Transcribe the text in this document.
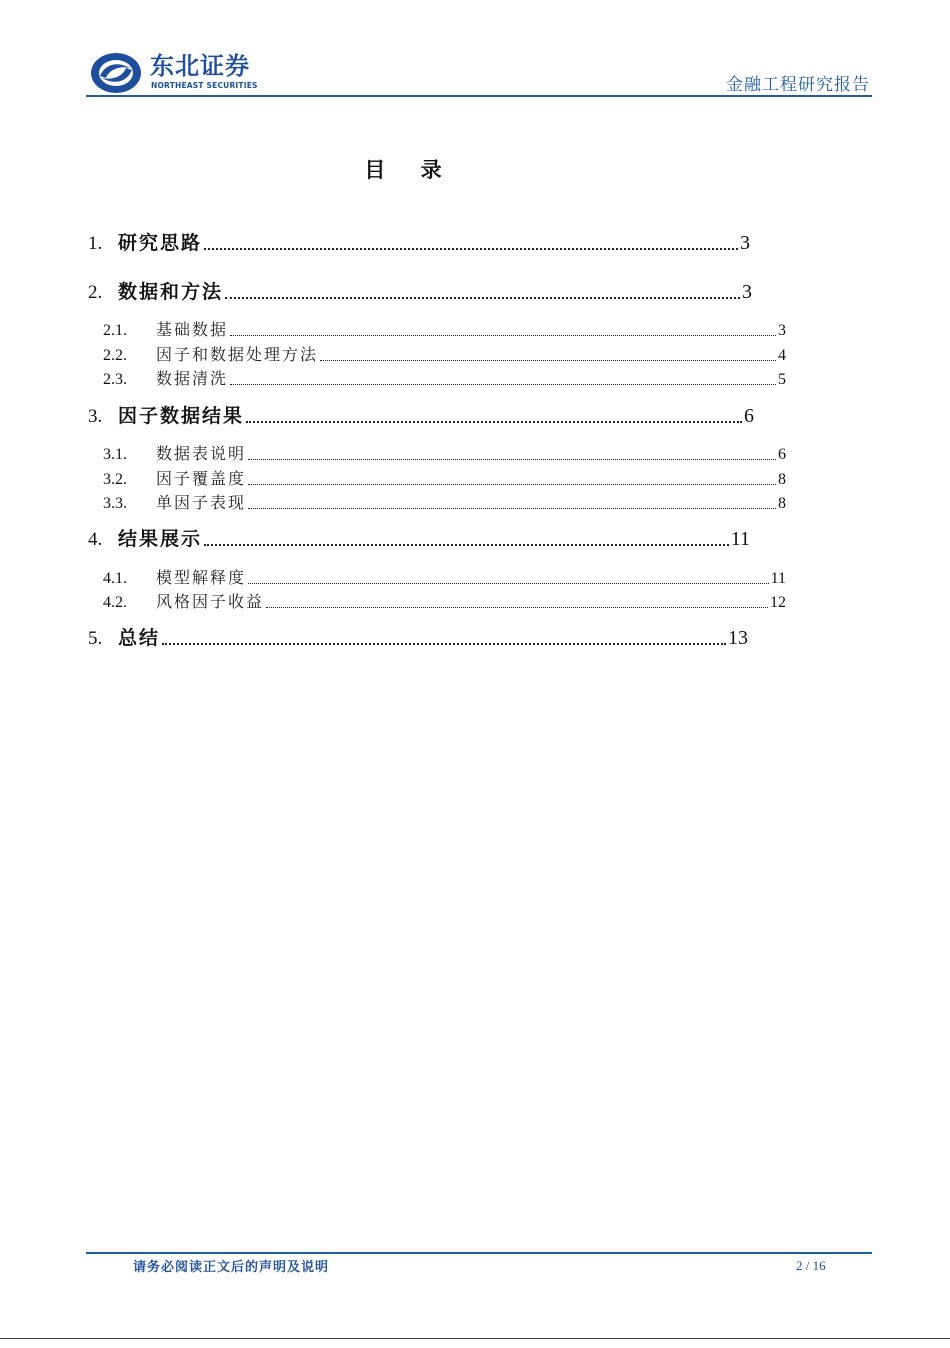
东北证券
NORTHEAST SECURITIES	金融工程研究报告
目 录
1. 研究思路	3
2. 数据和方法	3
2.1.	基础数据	3
2.2.	因子和数据处理方法	4
2.3.	数据清洗	5
3. 因子数据结果	6
3.1.	数据表说明	6
3.2.	因子覆盖度	8
3.3.	单因子表现	8
4. 结果展示	11
4.1.	模型解释度	11
4.2.	风格因子收益	12
5. 总结	13
请务必阅读正文后的声明及说明	2 / 16
